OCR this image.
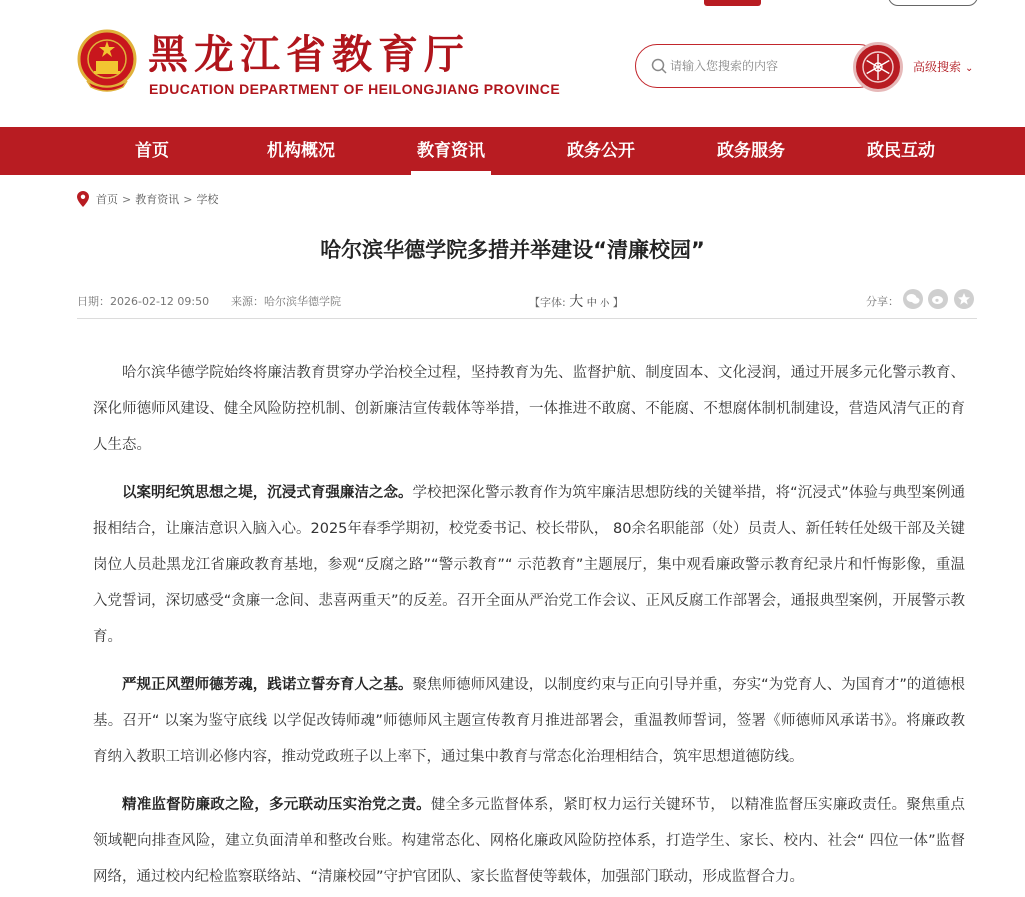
黑龙江省教育厅
EDUCATION DEPARTMENT OF HEILONGJIANG PROVINCE
请输入您搜索的内容
高级搜索 ⌄
首页	机构概况	教育资讯	政务公开	政务服务	政民互动
首页 > 教育资讯 > 学校
哈尔滨华德学院多措并举建设“清廉校园”
日期：2026-02-12 09:50 来源：哈尔滨华德学院	【字体: 大 中 小 】	分享：

哈尔滨华德学院始终将廉洁教育贯穿办学治校全过程，坚持教育为先、监督护航、制度固本、文化浸润，通过开展多元化警示教育、深化师德师风建设、健全风险防控机制、创新廉洁宣传载体等举措，一体推进不敢腐、不能腐、不想腐体制机制建设，营造风清气正的育人生态。

以案明纪筑思想之堤，沉浸式育强廉洁之念。学校把深化警示教育作为筑牢廉洁思想防线的关键举措，将“沉浸式”体验与典型案例通报相结合，让廉洁意识入脑入心。2025年春季学期初，校党委书记、校长带队， 80余名职能部（处）员责人、新任转任处级干部及关键岗位人员赴黑龙江省廉政教育基地，参观“反腐之路”“警示教育”“ 示范教育”主题展厅，集中观看廉政警示教育纪录片和忏悔影像，重温入党誓词，深切感受“贪廉一念间、悲喜两重天”的反差。召开全面从严治党工作会议、正风反腐工作部署会，通报典型案例，开展警示教育。

严规正风塑师德芳魂，践诺立誓夯育人之基。聚焦师德师风建设，以制度约束与正向引导并重，夯实“为党育人、为国育才”的道德根基。召开“ 以案为鉴守底线 以学促改铸师魂”师德师风主题宣传教育月推进部署会，重温教师誓词，签署《师德师风承诺书》。将廉政教育纳入教职工培训必修内容，推动党政班子以上率下，通过集中教育与常态化治理相结合，筑牢思想道德防线。

精准监督防廉政之险，多元联动压实治党之责。健全多元监督体系，紧盯权力运行关键环节， 以精准监督压实廉政责任。聚焦重点领域靶向排查风险，建立负面清单和整改台账。构建常态化、网格化廉政风险防控体系，打造学生、家长、校内、社会“ 四位一体”监督网络，通过校内纪检监察联络站、“清廉校园”守护官团队、家长监督使等载体，加强部门联动，形成监督合力。
